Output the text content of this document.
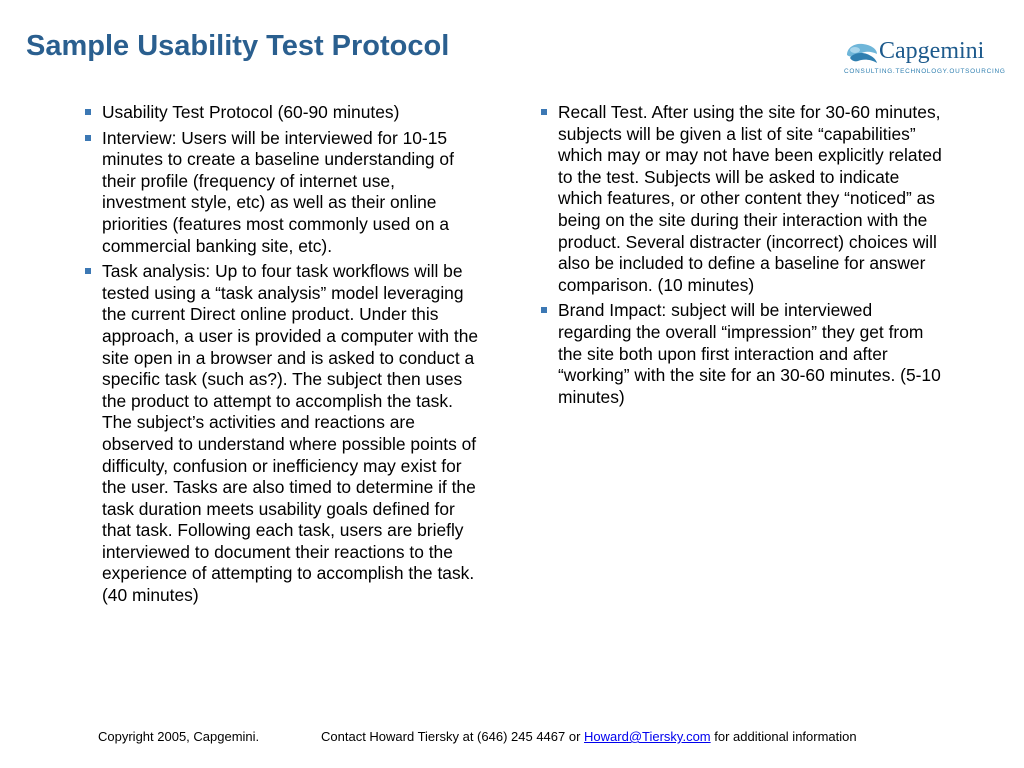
Sample Usability Test Protocol	Capgemini
CONSULTING.TECHNOLOGY.OUTSOURCING
Usability Test Protocol (60-90 minutes)
Interview: Users will be interviewed for 10-15 minutes to create a baseline understanding of their profile (frequency of internet use, investment style, etc) as well as their online priorities (features most commonly used on a commercial banking site, etc).
Task analysis: Up to four task workflows will be tested using a “task analysis” model leveraging the current Direct online product. Under this approach, a user is provided a computer with the site open in a browser and is asked to conduct a specific task (such as?). The subject then uses the product to attempt to accomplish the task. The subject’s activities and reactions are observed to understand where possible points of difficulty, confusion or inefficiency may exist for the user. Tasks are also timed to determine if the task duration meets usability goals defined for that task. Following each task, users are briefly interviewed to document their reactions to the experience of attempting to accomplish the task. (40 minutes)
Recall Test. After using the site for 30-60 minutes, subjects will be given a list of site “capabilities” which may or may not have been explicitly related to the test. Subjects will be asked to indicate which features, or other content they “noticed” as being on the site during their interaction with the product. Several distracter (incorrect) choices will also be included to define a baseline for answer comparison. (10 minutes)
Brand Impact: subject will be interviewed regarding the overall “impression” they get from the site both upon first interaction and after “working” with the site for an 30-60 minutes. (5-10 minutes)
Copyright 2005, Capgemini.	Contact Howard Tiersky at (646) 245 4467 or Howard@Tiersky.com for additional information
